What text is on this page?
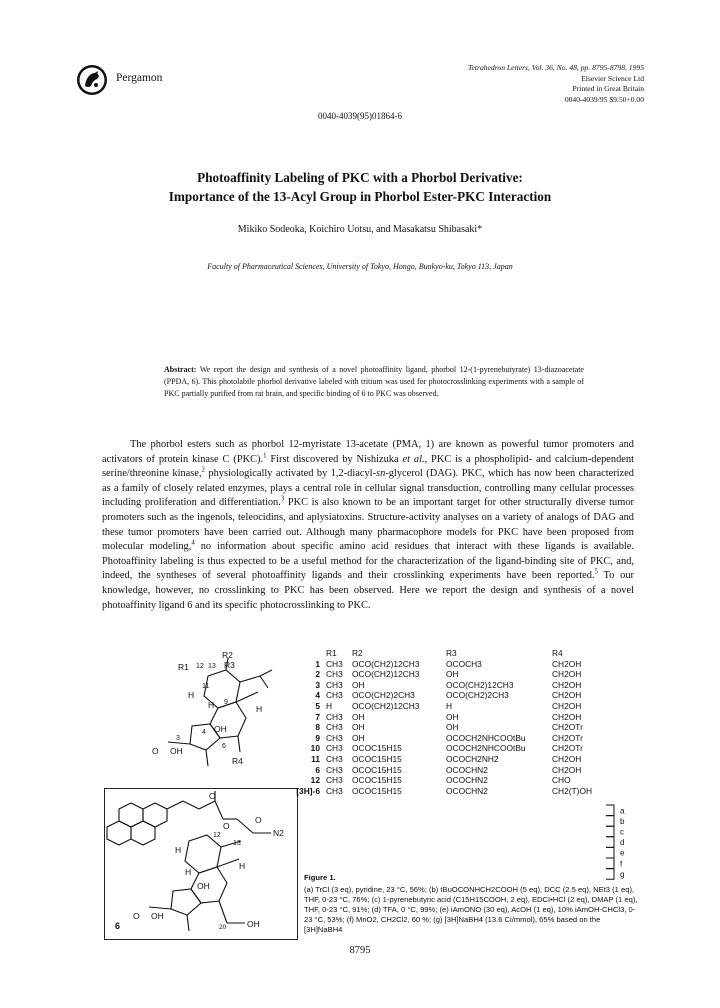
Pergamon
Tetrahedron Letters, Vol. 36, No. 48, pp. 8795-8798, 1995
Elsevier Science Ltd
Printed in Great Britain
0040-4039/95 $9.50+0.00
0040-4039(95)01864-6
Photoaffinity Labeling of PKC with a Phorbol Derivative:
Importance of the 13-Acyl Group in Phorbol Ester-PKC Interaction
Mikiko Sodeoka, Koichiro Uotsu, and Masakatsu Shibasaki*
Faculty of Pharmaceutical Sciences, University of Tokyo, Hongo, Bunkyo-ku, Tokyo 113, Japan
Abstract: We report the design and synthesis of a novel photoaffinity ligand, phorbol 12-(1-pyrenebutyrate) 13-diazoacetate (PPDA, 6). This photolabile phorbol derivative labeled with tritium was used for photocrosslinking experiments with a sample of PKC partially purified from rat brain, and specific binding of 6 to PKC was observed.

The phorbol esters such as phorbol 12-myristate 13-acetate (PMA, 1) are known as powerful tumor promoters and activators of protein kinase C (PKC).$^1$ First discovered by Nishizuka et al., PKC is a phospholipid- and calcium-dependent serine/threonine kinase,$^2$ physiologically activated by 1,2-diacyl-sn-glycerol (DAG). PKC, which has now been characterized as a family of closely related enzymes, plays a central role in cellular signal transduction, controlling many cellular processes including proliferation and differentiation.$^3$ PKC is also known to be an important target for other structurally diverse tumor promoters such as the ingenols, teleocidins, and aplysiatoxins. Structure-activity analyses on a variety of analogs of DAG and these tumor promoters have been carried out. Although many pharmacophore models for PKC have been proposed from molecular modeling,$^4$ no information about specific amino acid residues that interact with these ligands is available. Photoaffinity labeling is thus expected to be a useful method for the characterization of the ligand-binding site of PKC, and, indeed, the syntheses of several photoaffinity ligands and their crosslinking experiments have been reported.$^5$ To our knowledge, however, no crosslinking to PKC has been observed. Here we report the design and synthesis of a novel photoaffinity ligand 6 and its specific photocrosslinking to PKC.

R2
R1 12 13 R3
11
H
H 9
H
3
4 OH
6
O OH
R4
O
O
O
13
12	N2
H
H
OH
H
O OH
20 OH
6
R1 R2	R3	R4
1 CH3 OCO(CH2)12CH3	OCOCH3	CH2OH
2 CH3 OCO(CH2)12CH3	OH	CH2OH
3 CH3 OH	OCO(CH2)12CH3	CH2OH
4 CH3 OCO(CH2)2CH3	OCO(CH2)2CH3	CH2OH
5 H OCO(CH2)12CH3	H	CH2OH
7 CH3 OH	OH	CH2OH
8 CH3 OH	OH	CH2OTr
9 CH3 OH	OCOCH2NHCOOtBu	CH2OTr
10 CH3 OCOC15H15	OCOCH2NHCOOtBu	CH2OTr
11 CH3 OCOC15H15	OCOCH2NH2	CH2OH
6 CH3 OCOC15H15	OCOCHN2	CH2OH
12 CH3 OCOC15H15	OCOCHN2	CHO
[3H]-6 CH3 OCOC15H15	OCOCHN2	CH2(T)OH
a
b
c
d
e
f
g
Figure 1.
(a) TrCl (3 eq), pyridine, 23 °C, 56%; (b) tBuOCONHCH2COOH (5 eq), DCC (2.5 eq), NEt3 (1 eq), THF, 0-23 °C, 76%; (c) 1-pyrenebutyric acid (C15H15COOH, 2 eq), EDCI•HCl (2 eq), DMAP (1 eq), THF, 0-23 °C, 91%; (d) TFA, 0 °C, 99%; (e) iAmONO (30 eq), AcOH (1 eq), 10% iAmOH-CHCl3, 0-23 °C, 53%; (f) MnO2, CH2Cl2, 60 %; (g) [3H]NaBH4 (13.6 Ci/mmol), 65% based on the [3H]NaBH4
8795
